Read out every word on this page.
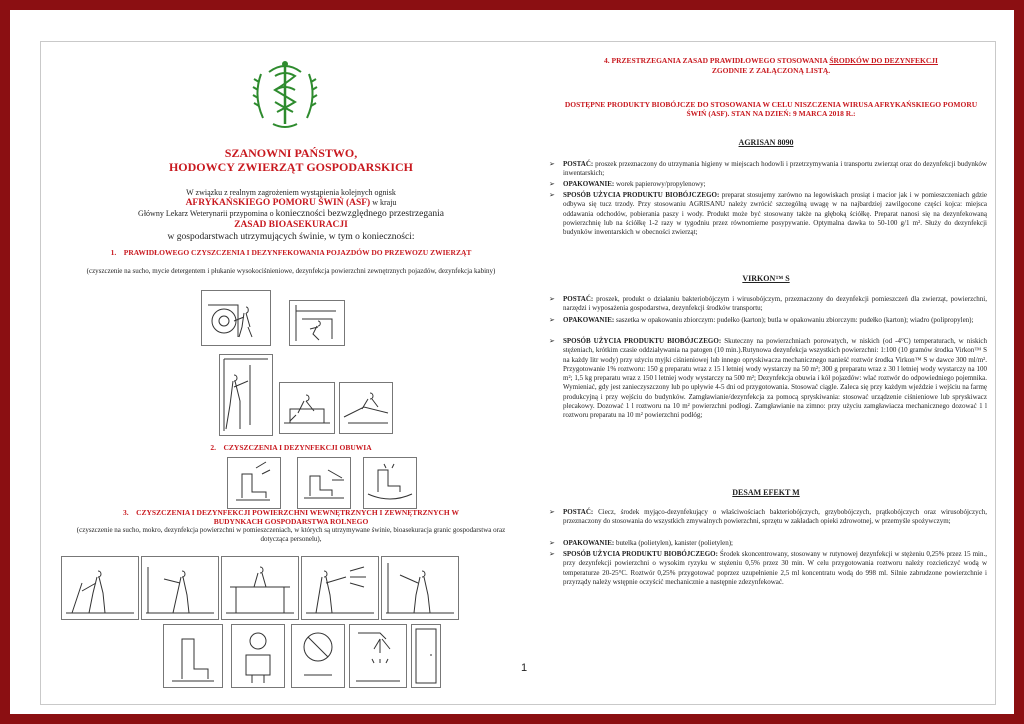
SZANOWNI PAŃSTWO,
HODOWCY ZWIERZĄT GOSPODARSKICH
W związku z realnym zagrożeniem wystąpienia kolejnych ognisk
AFRYKAŃSKIEGO POMORU ŚWIŃ (ASF) w kraju
Główny Lekarz Weterynarii przypomina o konieczności bezwzględnego przestrzegania
ZASAD BIOASEKURACJI
w gospodarstwach utrzymujących świnie, w tym o konieczności:
1. PRAWIDŁOWEGO CZYSZCZENIA I DEZYNFEKOWANIA POJAZDÓW DO PRZEWOZU ZWIERZĄT
(czyszczenie na sucho, mycie detergentem i płukanie wysokociśnieniowe, dezynfekcja powierzchni zewnętrznych pojazdów, dezynfekcja kabiny)
2. CZYSZCZENIA I DEZYNFEKCJI OBUWIA
3. CZYSZCZENIA I DEZYNFEKCJI POWIERZCHNI WEWNĘTRZNYCH I ZEWNĘTRZNYCH W BUDYNKACH GOSPODARSTWA ROLNEGO
(czyszczenie na sucho, mokro, dezynfekcja powierzchni w pomieszczeniach, w których są utrzymywane świnie, bioasekuracja granic gospodarstwa oraz dotycząca personelu),
1
4. PRZESTRZEGANIA ZASAD PRAWIDŁOWEGO STOSOWANIA ŚRODKÓW DO DEZYNFEKCJI
ZGODNIE Z ZAŁĄCZONĄ LISTĄ.
DOSTĘPNE PRODUKTY BIOBÓJCZE DO STOSOWANIA W CELU NISZCZENIA WIRUSA AFRYKAŃSKIEGO POMORU ŚWIŃ (ASF). STAN NA DZIEŃ: 9 MARCA 2018 R.:
AGRISAN 8090
➢ POSTAĆ: proszek przeznaczony do utrzymania higieny w miejscach hodowli i przetrzymywania i transportu zwierząt oraz do dezynfekcji budynków inwentarskich;
➢ OPAKOWANIE: worek papierowy/propylenowy;
➢ SPOSÓB UŻYCIA PRODUKTU BIOBÓJCZEGO: preparat stosujemy zarówno na legowiskach prosiąt i macior jak i w pomieszczeniach gdzie odbywa się tucz trzody. Przy stosowaniu AGRISANU należy zwrócić szczególną uwagę w na najbardziej zawilgocone części kojca: miejsca oddawania odchodów, pobierania paszy i wody. Produkt może być stosowany także na głęboką ściółkę. Preparat nanosi się na dezynfekowaną powierzchnię lub na ściółkę 1-2 razy w tygodniu przez równomierne posypywanie. Optymalna dawka to 50-100 g/1 m². Służy do dezynfekcji budynków inwentarskich w obecności zwierząt;
VIRKON™ S
➢ POSTAĆ: proszek, produkt o działaniu bakteriobójczym i wirusobójczym, przeznaczony do dezynfekcji pomieszczeń dla zwierząt, powierzchni, narzędzi i wyposażenia gospodarstwa, dezynfekcji środków transportu;
➢ OPAKOWANIE: saszetka w opakowaniu zbiorczym: pudełko (karton); butla w opakowaniu zbiorczym: pudełko (karton); wiadro (polipropylen);
➢ SPOSÓB UŻYCIA PRODUKTU BIOBÓJCZEGO: Skuteczny na powierzchniach porowatych, w niskich (od -4°C) temperaturach, w niskich stężeniach, krótkim czasie oddziaływania na patogen (10 min.).Rutynowa dezynfekcja wszystkich powierzchni: 1:100 (10 gramów środka Virkon™ S na każdy litr wody) przy użyciu myjki ciśnieniowej lub innego opryskiwacza mechanicznego nanieść roztwór środka Virkon™ S w dawce 300 ml/m². Przygotowanie 1% roztworu: 150 g preparatu wraz z 15 l letniej wody wystarczy na 50 m²; 300 g preparatu wraz z 30 l letniej wody wystarczy na 100 m²; 1,5 kg preparatu wraz z 150 l letniej wody wystarczy na 500 m²; Dezynfekcja obuwia i kół pojazdów: wlać roztwór do odpowiedniego pojemnika. Wymieniać, gdy jest zanieczyszczony lub po upływie 4-5 dni od przygotowania. Stosować ciągle. Zaleca się przy każdym wjeździe i wejściu na farmę produkcyjną i przy wejściu do budynków. Zamgławianie/dezynfekcja za pomocą spryskiwania: stosować urządzenie ciśnieniowe lub spryskiwacz plecakowy. Dozować 1 l roztworu na 10 m² powierzchni podłogi. Zamgławianie na zimno: przy użyciu zamgławiacza mechanicznego dozować 1 l roztworu preparatu na 10 m² powierzchni podłóg;
DESAM EFEKT M
➢ POSTAĆ: Ciecz, środek myjąco-dezynfekujący o właściwościach bakteriobójczych, grzybobójczych, prątkobójczych oraz wirusobójczych, przeznaczony do stosowania do wszystkich zmywalnych powierzchni, sprzętu w zakładach opieki zdrowotnej, w przemyśle spożywczym;
➢ OPAKOWANIE: butelka (polietylen), kanister (polietylen);
➢ SPOSÓB UŻYCIA PRODUKTU BIOBÓJCZEGO: Środek skoncentrowany, stosowany w rutynowej dezynfekcji w stężeniu 0,25% przez 15 min., przy dezynfekcji powierzchni o wysokim ryzyku w stężeniu 0,5% przez 30 min. W celu przygotowania roztworu należy rozcieńczyć wodą w temperaturze 20-25°C. Roztwór 0,25% przygotować poprzez uzupełnienie 2,5 ml koncentratu wodą do 998 ml. Silnie zabrudzone powierzchnie i przyrządy należy wstępnie oczyścić mechanicznie a następnie zdezynfekować.
